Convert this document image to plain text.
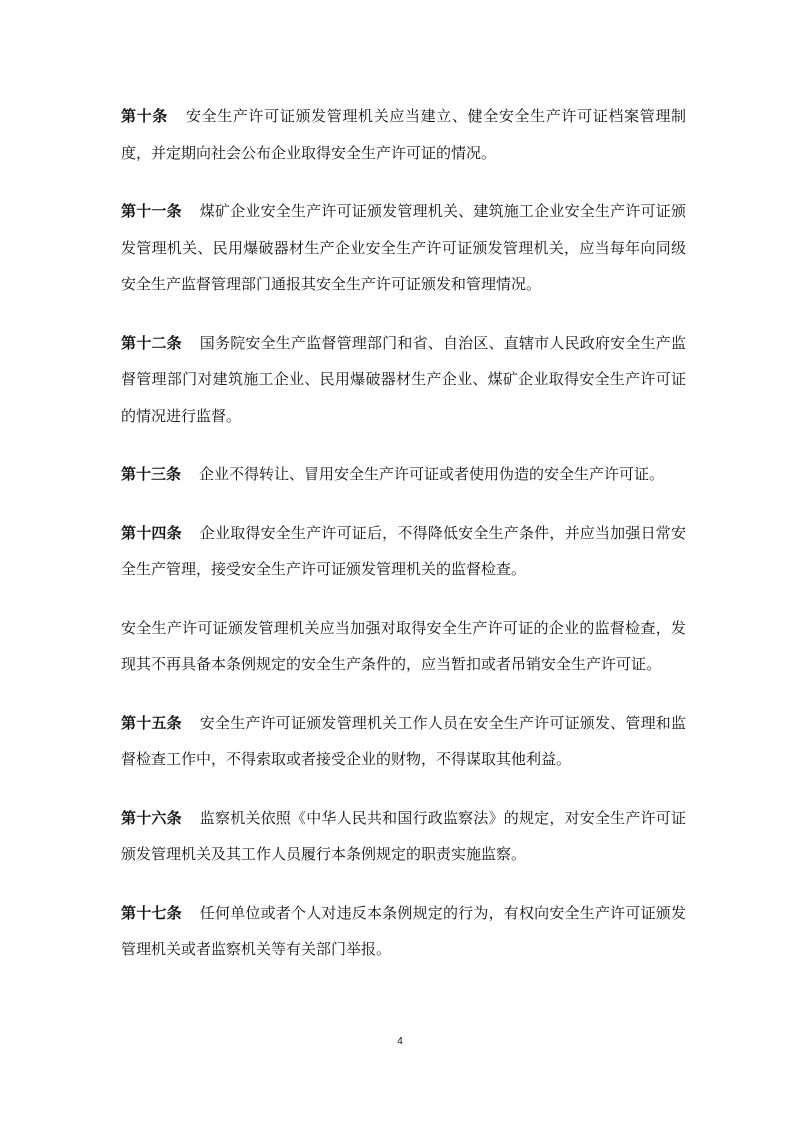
第十条 安全生产许可证颁发管理机关应当建立、健全安全生产许可证档案管理制度，并定期向社会公布企业取得安全生产许可证的情况。

第十一条 煤矿企业安全生产许可证颁发管理机关、建筑施工企业安全生产许可证颁发管理机关、民用爆破器材生产企业安全生产许可证颁发管理机关，应当每年向同级安全生产监督管理部门通报其安全生产许可证颁发和管理情况。

第十二条 国务院安全生产监督管理部门和省、自治区、直辖市人民政府安全生产监督管理部门对建筑施工企业、民用爆破器材生产企业、煤矿企业取得安全生产许可证的情况进行监督。

第十三条 企业不得转让、冒用安全生产许可证或者使用伪造的安全生产许可证。

第十四条 企业取得安全生产许可证后，不得降低安全生产条件，并应当加强日常安全生产管理，接受安全生产许可证颁发管理机关的监督检查。

安全生产许可证颁发管理机关应当加强对取得安全生产许可证的企业的监督检查，发现其不再具备本条例规定的安全生产条件的，应当暂扣或者吊销安全生产许可证。

第十五条 安全生产许可证颁发管理机关工作人员在安全生产许可证颁发、管理和监督检查工作中，不得索取或者接受企业的财物，不得谋取其他利益。

第十六条 监察机关依照《中华人民共和国行政监察法》的规定，对安全生产许可证颁发管理机关及其工作人员履行本条例规定的职责实施监察。

第十七条 任何单位或者个人对违反本条例规定的行为，有权向安全生产许可证颁发管理机关或者监察机关等有关部门举报。

4
